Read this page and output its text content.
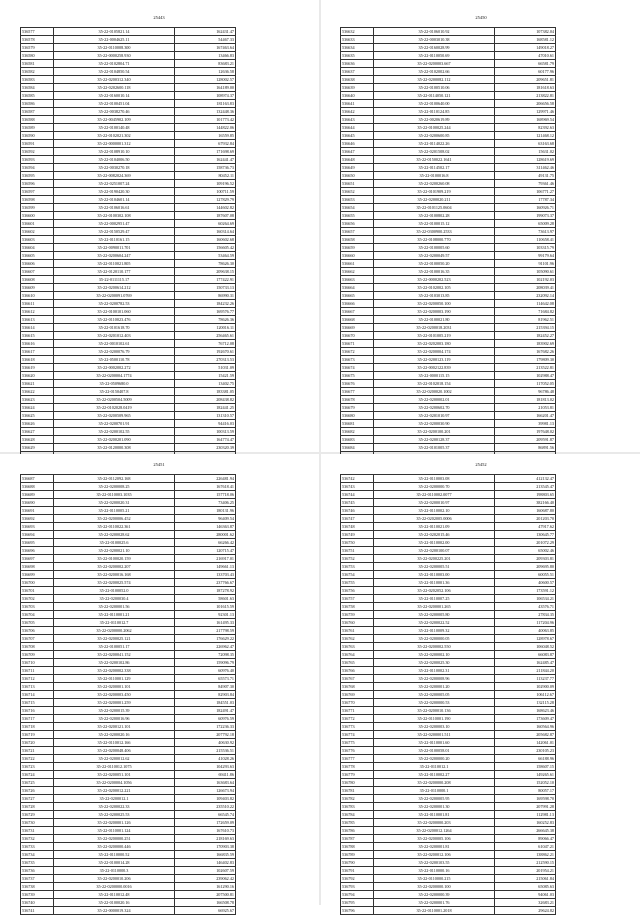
25443
536577	35-22-0105821.14	162431.47
536578	35-22-0004625.11	54467.33
536579	35-22-0110008.300	167463.64
536580	35-22-0000258.930	13466.83
536581	35-22-0102804.71	83683.21
536582	35-22-0104850.54	12636.58
536583	35-22-0200312.340	128002.57
536584	35-22-0202600.118	164189.00
536585	35-22-0160010.14	108974.37
536586	35-22-0100451.04	181163.83
536587	35-22-0038270.46	132448.36
536588	35-22-0045902.109	101773.42
536589	35-22-0100140.48	144822.06
536590	35-22-0102021.302	16559.85
536591	35-22-0000001.312	67932.84
536592	35-22-0108910.10	171698.69
536593	35-22-0104006.50	162441.47
536594	35-22-0030270.18	158736.73
536595	35-22-0082024.369	80452.11
536596	35-22-0251007.24	109196.52
536597	35-22-0190420.30	100711.59
536598	35-22-0104601.14	127829.79
536599	35-22-0106016.61	144602.82
536600	35-22-0100302.108	187607.08
536601	35-22-0002951.47	60264.69
536602	35-22-0150529.47	160314.64
536603	35-22-0110161.15	160602.68
536604	35-22-0090011.701	156605.42
536605	35-22-0200604.247	53464.59
536606	35-22-0110021.805	78626.30
536607	35-22-0120110.177	209638.15
536608	35-22-0111115.17	177422.91
536609	35-22-0200614.212	150733.13
536610	35-22-0200091.0769	86990.31
536611	35-22-0200782.53	184232.26
536612	35-22-0100101.060	169576.77
536613	35-22-0110023.476	78626.36
536614	35-22-0101618.70	120016.11
536615	35-22-0201012.403	256465.61
536616	35-22-0010102.61	76712.08
536617	35-22-0200076.79	192670.61
536618	35-22-0500110.78	270313.53
536619	35-22-0002002.272	51031.09
536620	35-22-0200004.1774	15421.59
536621	35-22-0509680.0	13402.75
536622	35-22-0150407.8	183381.05
536623	35-22-0200504.5009	208438.82
536624	35-22-0102028.0419	182441.25
536625	35-22-0200509.965	131310.57
536626	35-22-0200701.91	94416.03
536627	35-22-0200102.55	100313.59
536628	35-22-0200201.090	164774.47
536629	35-22-0120000.308	230320.39

25450
536632	35-22-0106010.92	107382.04
536633	35-22-0003010.38	168581.12
536634	35-22-0160028.99	149018.27
536635	35-22-0110050.69	47010.61
536636	35-22-0200003.667	66581.79
536637	35-22-0102002.66	60177.96
536638	35-22-0200082.112	209651.81
536639	35-22-0100510.06	181618.63
536640	35-22-0114050.121	213822.81
536641	35-22-0100640.00	206656.58
536642	35-22-0110124.85	129971.46
536643	35-22-0020619.89	168969.54
536644	35-22-0100025.244	82392.63
536645	35-22-0200600.85	121468.12
536646	35-22-0114022.26	63163.68
536647	35-22-0201508.02	15631.02
536648	35-22-0150022.1641	128619.69
536649	35-22-0114502.17	311462.46
536650	35-22-0100016.8	49131.75
536651	35-22-0200260.08	79361.46
536652	35-22-0101909.219	106771.27
536653	35-22-0200020.211	17787.34
536654	35-22-0101125.0604	160926.71
536655	35-22-0100802.28	199073.37
536656	35-22-0100015.12	65009.28
536657	35-22-0300900.2533	73613.97
536658	35-22-0108000.770	110658.41
536659	35-22-0100005.60	103315.79
536660	35-22-0200049.57	99179.64
536661	35-22-0100050.20	91101.96
536662	35-22-0100016.35	105090.61
536663	35-22-0000202.523	102192.03
536664	35-22-0102002.105	208039.41
536665	35-22-0103013.85	232092.14
536666	35-22-0200050.100	114642.08
536667	35-22-0200003.190	71684.82
536668	35-22-0100021.80	81962.51
536669	35-22-0200018.2031	215394.15
536670	35-22-0101005.219	182452.27
536671	35-22-0202003.180	183902.69
536672	35-22-0200004.174	167682.26
536673	35-22-0200123.119	179809.30
536674	35-22-0002122.839	213522.81
536675	35-22-0000115.15	102988.47
536676	35-22-0102018.154	117052.05
536677	35-22-0200020.1002	96786.48
536678	35-22-0200002.01	181813.02
536679	35-22-0200602.70	21053.81
536680	35-22-0201010.97	166201.47
536681	35-22-0200030.90	39981.13
536682	35-22-0200100.201	197648.02
536683	35-22-0200128.37	209591.87
536684	35-22-0101005.37	86891.56

25451
536687	35-22-0112092.168	226481.94
536688	35-22-0200008.25	167618.41
536689	35-22-0110003.1035	157718.06
536690	35-22-0200020.31	73406.25
536691	35-22-0110005.21	180131.96
536692	35-22-0200006.452	96409.54
536693	35-22-0110022.361	146363.87
536694	35-22-0200028.62	280001.62
536695	35-22-0100025.6	66266.42
536696	35-22-0200021.10	120715.47
536697	35-22-0100020.159	216917.01
536698	35-22-0200002.207	149661.13
536699	35-22-0200016.168	133703.43
536700	35-22-0200025.574	237766.67
536701	35-22-0100052.0	187278.92
536702	35-22-0200030.4	58601.63
536703	35-22-0200001.56	101615.59
536704	35-22-0110001.21	92301.13
536705	35-22-0110012.7	161495.33
536706	35-22-0200000.2062	217798.59
536707	35-22-0200025.121	176629.22
536708	35-22-0100051.17	226962.47
536709	35-22-0200041.152	72098.35
536710	35-22-0200102.86	159096.79
536711	35-22-0200002.338	60976.40
536712	35-22-0110001.129	65573.71
536713	35-22-0200001.101	84907.30
536714	35-22-0200003.450	82903.84
536715	35-22-0200001.259	184551.03
536716	35-22-0200015.39	182491.47
536717	35-22-0200016.96	60976.59
536718	35-22-0200121.101	172236.33
536719	35-22-0200020.16	207792.18
536720	35-22-0110012.166	40630.92
536721	35-22-0200048.406	215536.51
536722	35-22-0200012.62	41028.26
536723	35-22-0110012.1075	104293.63
536724	35-22-0200051.101	69411.86
536725	35-22-0200004.1056	163683.64
536726	35-22-0200012.221	126673.94
536727	35-22-0200012.1	109403.82
536728	35-22-0200022.33	235510.22
536729	35-22-0200025.53	66545.74
536730	35-22-0200001.126	172659.09
536731	35-22-0110001.124	167610.73
536732	35-22-0200000.251	218169.63
536733	35-22-0200000.446	170903.38
536734	35-22-0110000.52	166835.59
536735	35-22-0100014.28	146402.83
536736	35-22-0110000.3	102607.59
536737	35-22-0200010.206	239062.42
536738	35-22-0200000.0016	161290.16
536739	35-22-0110012.48	207500.81
536740	35-22-0100020.16	166508.78
536741	35-22-0000019.324	66925.67
25452
536742	35-22-0110003.08	412132.47
536743	35-22-0200000.70	213545.47
536744	35-22-0110002.0077	198803.65
536745	35-22-0200010.97	382166.40
536746	35-22-0110002.10	160687.80
536747	35-22-0202005.0006	201203.70
536748	35-22-0110021.09	47917.62
536749	35-22-0202015.46	130645.77
536750	35-22-0110002.00	201072.29
536751	35-22-0200100.07	65002.46
536752	35-22-0200225.201	209303.81
536753	35-22-0200005.51	209695.80
536754	35-22-0110003.00	60055.51
536755	35-22-0110001.36	40600.57
536756	35-22-0202052.106	173591.12
536757	35-22-0110007.25	106534.21
536758	35-22-0200001.265	43576.71
536759	35-22-0200005.80	27834.35
536760	35-22-0200022.52	117204.96
536761	35-22-0110009.32	40063.85
536762	35-22-0200000.05	128978.67
536763	35-22-0200002.550	106048.52
536764	35-22-0200002.10	66083.87
536765	35-22-0200025.30	162485.47
536766	35-22-0110002.31	211844.20
536767	35-22-0200008.96	113237.77
536768	35-22-0200001.20	102900.09
536769	35-22-0200005.05	106112.67
536770	35-22-0200000.53	132115.28
536771	35-22-0200010.136	168623.46
536772	35-22-0110001.190	173609.47
536773	35-22-0200003.10	160564.96
536774	35-22-0200001.511	205682.87
536775	35-22-0110001.60	142061.01
536776	35-22-0100058.01	230105.23
536777	35-22-0200000.20	66188.96
536778	35-22-0110012.1	158607.15
536779	35-22-0110002.27	149265.61
536780	35-22-0200000.208	152052.10
536781	35-22-0110000.1	80057.17
536782	35-22-0200005.95	169598.70
536783	35-22-0200001.30	207991.28
536784	35-22-0110001.81	112981.13
536785	35-22-0200000.203	160252.83
536786	35-22-0200012.1264	266645.38
536787	35-22-0200005.106	89066.47
536788	35-22-0200001.81	61047.21
536789	35-22-0200012.106	138862.21
536790	35-22-0200103.55	212590.15
536791	35-22-0110000.16	201954.21
536792	35-22-0110000.215	215061.84
536793	35-22-0200000.100	65085.63
536794	35-22-0200000.39	94061.03
536795	35-22-0200001.76	32683.21
536796	35-22-0110001.2018	29624.82
